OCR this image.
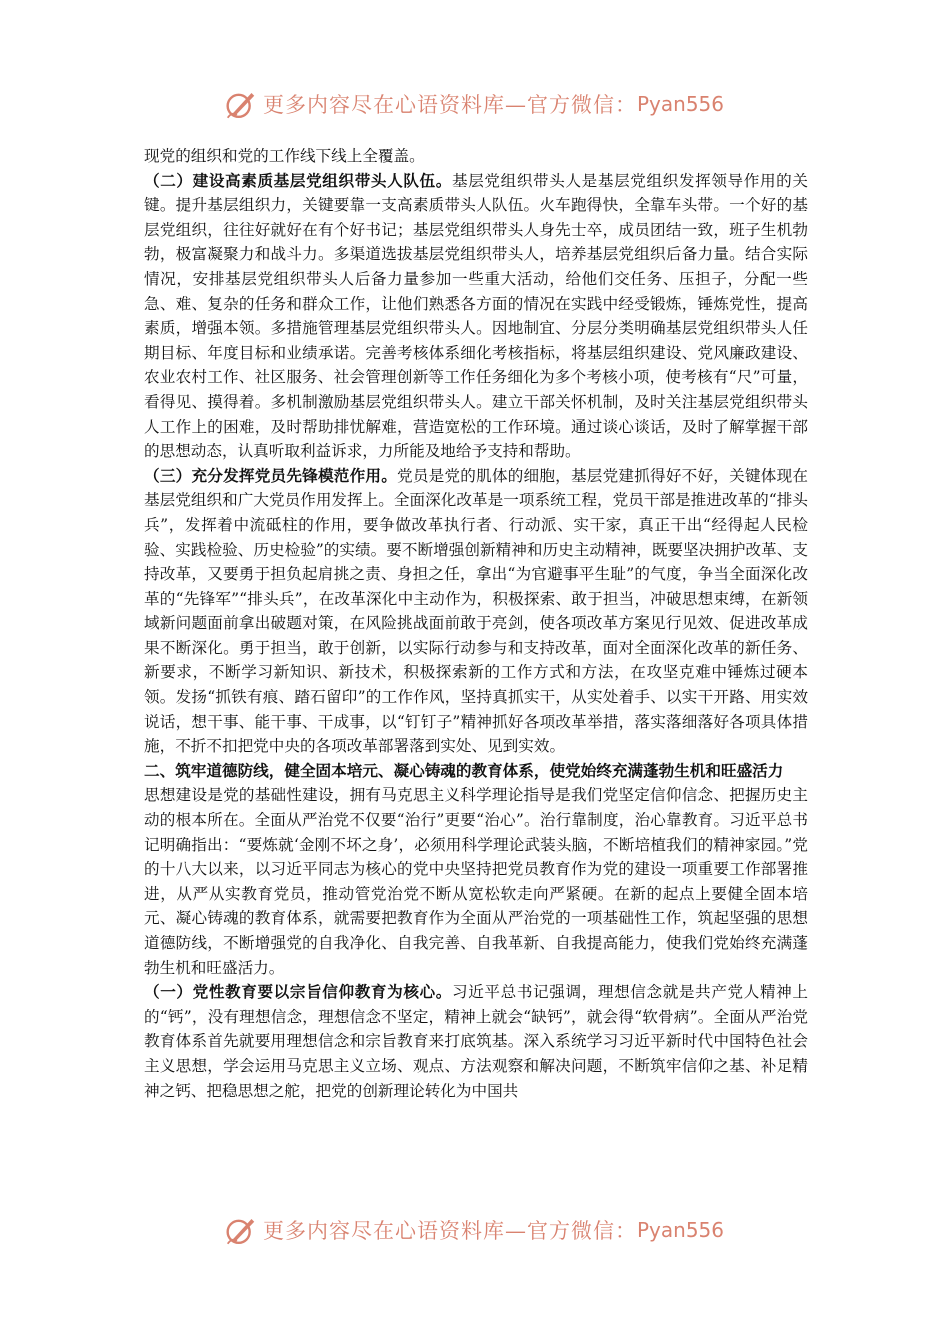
更多内容尽在心语资料库—官方微信： Pyan556

现党的组织和党的工作线下线上全覆盖。

（二）建设高素质基层党组织带头人队伍。基层党组织带头人是基层党组织发挥领导作用的关键。提升基层组织力，关键要靠一支高素质带头人队伍。火车跑得快，全靠车头带。一个好的基层党组织，往往好就好在有个好书记；基层党组织带头人身先士卒，成员团结一致，班子生机勃勃，极富凝聚力和战斗力。多渠道选拔基层党组织带头人，培养基层党组织后备力量。结合实际情况，安排基层党组织带头人后备力量参加一些重大活动，给他们交任务、压担子，分配一些急、难、复杂的任务和群众工作，让他们熟悉各方面的情况在实践中经受锻炼，锤炼党性，提高素质，增强本领。多措施管理基层党组织带头人。因地制宜、分层分类明确基层党组织带头人任期目标、年度目标和业绩承诺。完善考核体系细化考核指标，将基层组织建设、党风廉政建设、农业农村工作、社区服务、社会管理创新等工作任务细化为多个考核小项，使考核有“尺”可量，看得见、摸得着。多机制激励基层党组织带头人。建立干部关怀机制，及时关注基层党组织带头人工作上的困难，及时帮助排忧解难，营造宽松的工作环境。通过谈心谈话，及时了解掌握干部的思想动态，认真听取利益诉求，力所能及地给予支持和帮助。

（三）充分发挥党员先锋模范作用。党员是党的肌体的细胞，基层党建抓得好不好，关键体现在基层党组织和广大党员作用发挥上。全面深化改革是一项系统工程，党员干部是推进改革的“排头兵”，发挥着中流砥柱的作用，要争做改革执行者、行动派、实干家，真正干出“经得起人民检验、实践检验、历史检验”的实绩。要不断增强创新精神和历史主动精神，既要坚决拥护改革、支持改革，又要勇于担负起肩挑之责、身担之任，拿出“为官避事平生耻”的气度，争当全面深化改革的“先锋军”“排头兵”，在改革深化中主动作为，积极探索、敢于担当，冲破思想束缚，在新领域新问题面前拿出破题对策，在风险挑战面前敢于亮剑，使各项改革方案见行见效、促进改革成果不断深化。勇于担当，敢于创新，以实际行动参与和支持改革，面对全面深化改革的新任务、新要求，不断学习新知识、新技术，积极探索新的工作方式和方法，在攻坚克难中锤炼过硬本领。发扬“抓铁有痕、踏石留印”的工作作风，坚持真抓实干，从实处着手、以实干开路、用实效说话，想干事、能干事、干成事，以“钉钉子”精神抓好各项改革举措，落实落细落好各项具体措施，不折不扣把党中央的各项改革部署落到实处、见到实效。

二、筑牢道德防线，健全固本培元、凝心铸魂的教育体系，使党始终充满蓬勃生机和旺盛活力

思想建设是党的基础性建设，拥有马克思主义科学理论指导是我们党坚定信仰信念、把握历史主动的根本所在。全面从严治党不仅要“治行”更要“治心”。治行靠制度，治心靠教育。习近平总书记明确指出：“要炼就‘金刚不坏之身’，必须用科学理论武装头脑，不断培植我们的精神家园。”党的十八大以来，以习近平同志为核心的党中央坚持把党员教育作为党的建设一项重要工作部署推进，从严从实教育党员，推动管党治党不断从宽松软走向严紧硬。在新的起点上要健全固本培元、凝心铸魂的教育体系，就需要把教育作为全面从严治党的一项基础性工作，筑起坚强的思想道德防线，不断增强党的自我净化、自我完善、自我革新、自我提高能力，使我们党始终充满蓬勃生机和旺盛活力。

（一）党性教育要以宗旨信仰教育为核心。习近平总书记强调，理想信念就是共产党人精神上的“钙”，没有理想信念，理想信念不坚定，精神上就会“缺钙”，就会得“软骨病”。全面从严治党教育体系首先就要用理想信念和宗旨教育来打底筑基。深入系统学习习近平新时代中国特色社会主义思想，学会运用马克思主义立场、观点、方法观察和解决问题，不断筑牢信仰之基、补足精神之钙、把稳思想之舵，把党的创新理论转化为中国共

更多内容尽在心语资料库—官方微信： Pyan556
